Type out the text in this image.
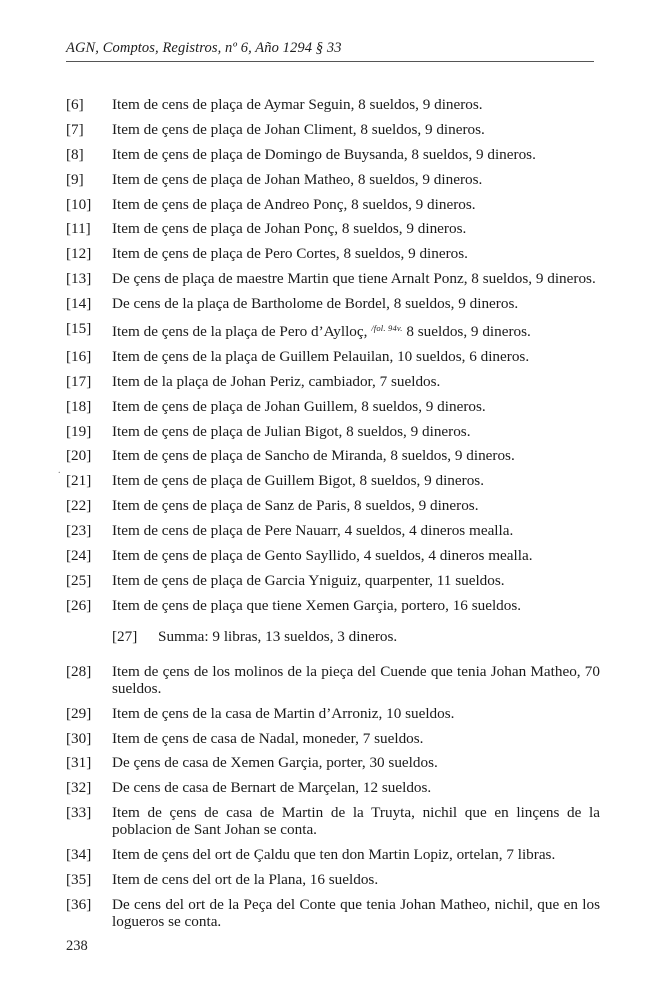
AGN, Comptos, Registros, nº 6, Año 1294 § 33
.
[6]	Item de cens de plaça de Aymar Seguin, 8 sueldos, 9 dineros.
[7]	Item de çens de plaça de Johan Climent, 8 sueldos, 9 dineros.
[8]	Item de çens de plaça de Domingo de Buysanda, 8 sueldos, 9 dineros.
[9]	Item de çens de plaça de Johan Matheo, 8 sueldos, 9 dineros.
[10]	Item de çens de plaça de Andreo Ponç, 8 sueldos, 9 dineros.
[11]	Item de çens de plaça de Johan Ponç, 8 sueldos, 9 dineros.
[12]	Item de çens de plaça de Pero Cortes, 8 sueldos, 9 dineros.
[13]	De çens de plaça de maestre Martin que tiene Arnalt Ponz, 8 sueldos, 9 dineros.
[14]	De cens de la plaça de Bartholome de Bordel, 8 sueldos, 9 dineros.
[15]	Item de çens de la plaça de Pero d’Aylloç, $^{/fol. 94v.}$ 8 sueldos, 9 dineros.
[16]	Item de çens de la plaça de Guillem Pelauilan, 10 sueldos, 6 dineros.
[17]	Item de la plaça de Johan Periz, cambiador, 7 sueldos.
[18]	Item de çens de plaça de Johan Guillem, 8 sueldos, 9 dineros.
[19]	Item de çens de plaça de Julian Bigot, 8 sueldos, 9 dineros.
[20]	Item de çens de plaça de Sancho de Miranda, 8 sueldos, 9 dineros.
[21]	Item de çens de plaça de Guillem Bigot, 8 sueldos, 9 dineros.
[22]	Item de çens de plaça de Sanz de Paris, 8 sueldos, 9 dineros.
[23]	Item de cens de plaça de Pere Nauarr, 4 sueldos, 4 dineros mealla.
[24]	Item de çens de plaça de Gento Sayllido, 4 sueldos, 4 dineros mealla.
[25]	Item de çens de plaça de Garcia Yniguiz, quarpenter, 11 sueldos.
[26]	Item de çens de plaça que tiene Xemen Garçia, portero, 16 sueldos.
[27]	Summa: 9 libras, 13 sueldos, 3 dineros.
[28]	Item de çens de los molinos de la pieça del Cuende que tenia Johan Matheo, 70 sueldos.
[29]	Item de çens de la casa de Martin d’Arroniz, 10 sueldos.
[30]	Item de çens de casa de Nadal, moneder, 7 sueldos.
[31]	De çens de casa de Xemen Garçia, porter, 30 sueldos.
[32]	De cens de casa de Bernart de Marçelan, 12 sueldos.
[33]	Item de çens de casa de Martin de la Truyta, nichil que en linçens de la poblacion de Sant Johan se conta.
[34]	Item de çens del ort de Çaldu que ten don Martin Lopiz, ortelan, 7 libras.
[35]	Item de cens del ort de la Plana, 16 sueldos.
[36]	De cens del ort de la Peça del Conte que tenia Johan Matheo, nichil, que en los logueros se conta.
238
